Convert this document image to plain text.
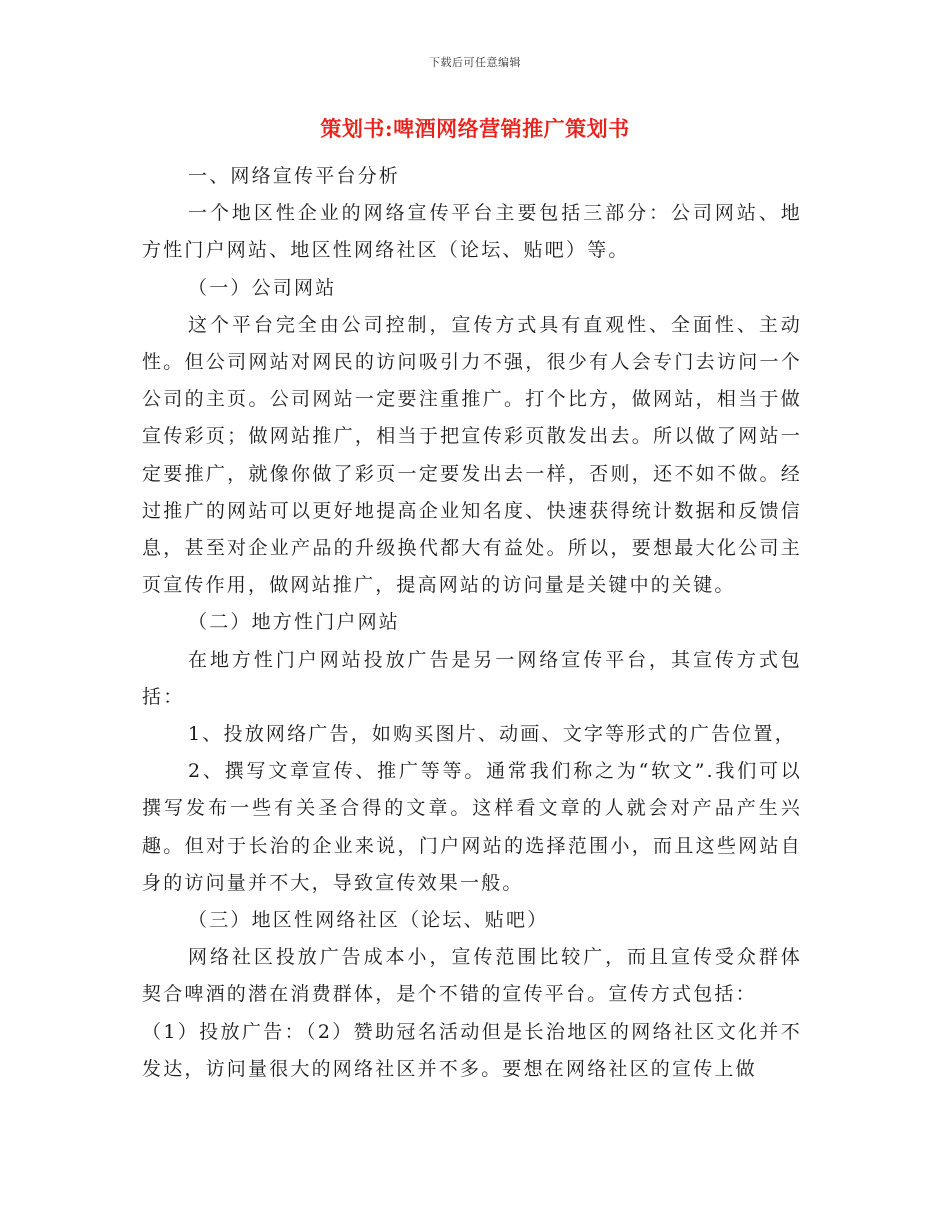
下载后可任意编辑
策划书:啤酒网络营销推广策划书

一、网络宣传平台分析

一个地区性企业的网络宣传平台主要包括三部分：公司网站、地方性门户网站、地区性网络社区（论坛、贴吧）等。

（一）公司网站

这个平台完全由公司控制，宣传方式具有直观性、全面性、主动性。但公司网站对网民的访问吸引力不强，很少有人会专门去访问一个公司的主页。公司网站一定要注重推广。打个比方，做网站，相当于做宣传彩页；做网站推广，相当于把宣传彩页散发出去。所以做了网站一定要推广，就像你做了彩页一定要发出去一样，否则，还不如不做。经过推广的网站可以更好地提高企业知名度、快速获得统计数据和反馈信息，甚至对企业产品的升级换代都大有益处。所以，要想最大化公司主页宣传作用，做网站推广，提高网站的访问量是关键中的关键。

（二）地方性门户网站

在地方性门户网站投放广告是另一网络宣传平台，其宣传方式包括：

1、投放网络广告，如购买图片、动画、文字等形式的广告位置，

2、撰写文章宣传、推广等等。通常我们称之为“软文”.我们可以撰写发布一些有关圣合得的文章。这样看文章的人就会对产品产生兴趣。但对于长治的企业来说，门户网站的选择范围小，而且这些网站自身的访问量并不大，导致宣传效果一般。

（三）地区性网络社区（论坛、贴吧）

网络社区投放广告成本小，宣传范围比较广，而且宣传受众群体契合啤酒的潜在消费群体，是个不错的宣传平台。宣传方式包括：

（1）投放广告：（2）赞助冠名活动但是长治地区的网络社区文化并不发达，访问量很大的网络社区并不多。要想在网络社区的宣传上做
